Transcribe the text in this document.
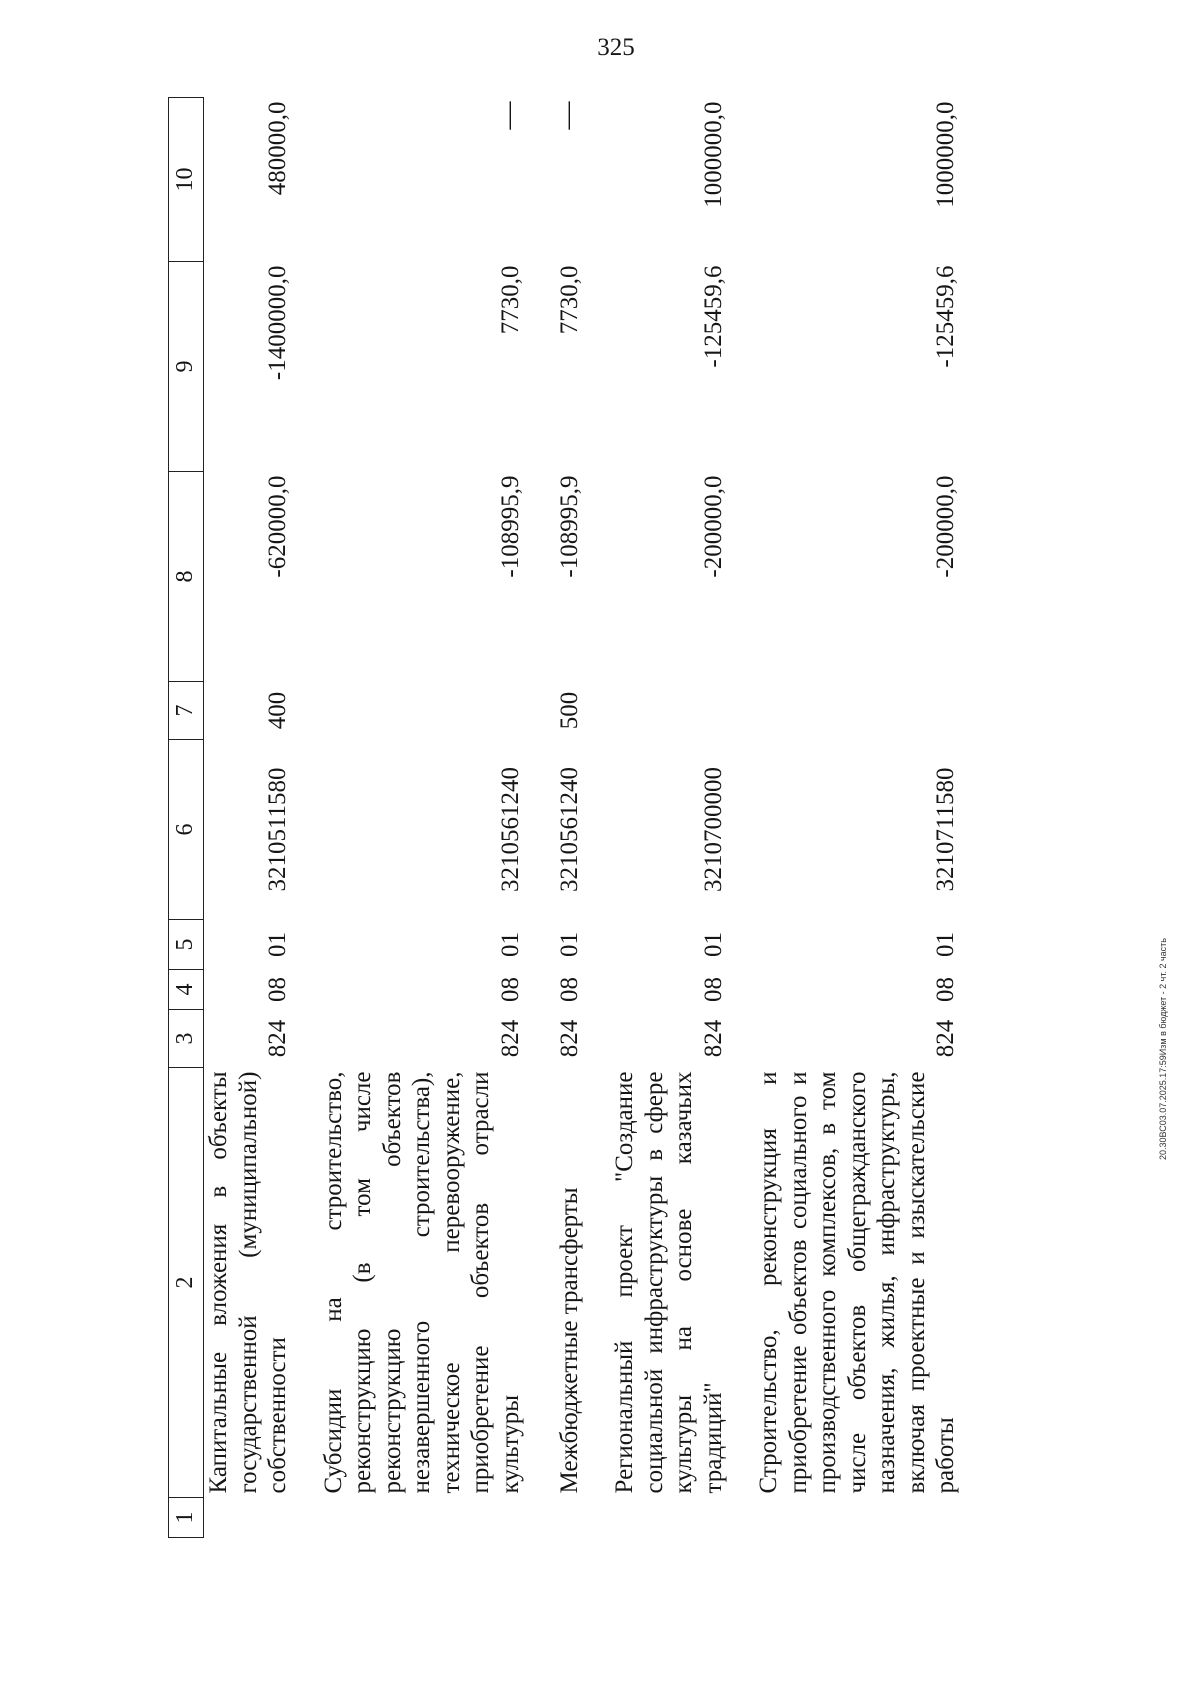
325
1	2	3	4	5	6	7	8	9	10
Капитальные вложения в объекты государственной (муниципальной) собственности		824	08	01	3210511580	400	-620000,0	-1400000,0	480000,0

Субсидии на строительство, реконструкцию (в том числе реконструкцию объектов незавершенного строительства), техническое перевооружение, приобретение объектов отрасли культуры		824	08	01	3210561240		-108995,9	7730,0	—

Межбюджетные трансферты		824	08	01	3210561240	500	-108995,9	7730,0	—

Региональный проект "Создание социальной инфраструктуры в сфере культуры на основе казачьих традиций"		824	08	01	3210700000		-200000,0	-125459,6	1000000,0

Строительство, реконструкция и приобретение объектов социального и производственного комплексов, в том числе объектов общегражданского назначения, жилья, инфраструктуры, включая проектные и изыскательские работы		824	08	01	3210711580		-200000,0	-125459,6	1000000,0
20.30ВС03.07.2025.17:59Изм в бюджет - 2 чт. 2 часть
